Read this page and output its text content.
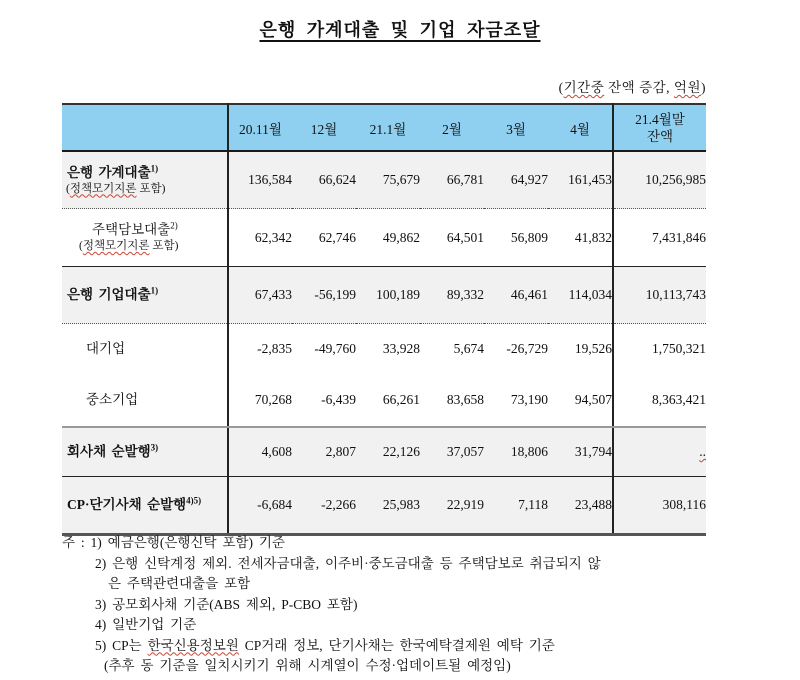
은행 가계대출 및 기업 자금조달
(기간중 잔액 증감, 억원)
	20.11월	12월	21.1월	2월	3월	4월	21.4월말
잔액

은행 가계대출$^{1)}$
(정책모기지론 포함)	136,584	66,624	75,679	66,781	64,927	161,453	10,256,985

주택담보대출$^{2)}$
(정책모기지론 포함)	62,342	62,746	49,862	64,501	56,809	41,832	7,431,846

은행 기업대출$^{1)}$	67,433	-56,199	100,189	89,332	46,461	114,034	10,113,743

대기업	-2,835	-49,760	33,928	5,674	-26,729	19,526	1,750,321

중소기업	70,268	-6,439	66,261	83,658	73,190	94,507	8,363,421

회사채 순발행$^{3)}$	4,608	2,807	22,126	37,057	18,806	31,794	..

CP·단기사채 순발행$^{4)5)}$	-6,684	-2,266	25,983	22,919	7,118	23,488	308,116
주 : 1) 예금은행(은행신탁 포함) 기준
2) 은행 신탁계정 제외. 전세자금대출, 이주비·중도금대출 등 주택담보로 취급되지 않
은 주택관련대출을 포함
3) 공모회사채 기준(ABS 제외, P-CBO 포함)
4) 일반기업 기준
5) CP는 한국신용정보원 CP거래 정보, 단기사채는 한국예탁결제원 예탁 기준
(추후 동 기준을 일치시키기 위해 시계열이 수정·업데이트될 예정임)
